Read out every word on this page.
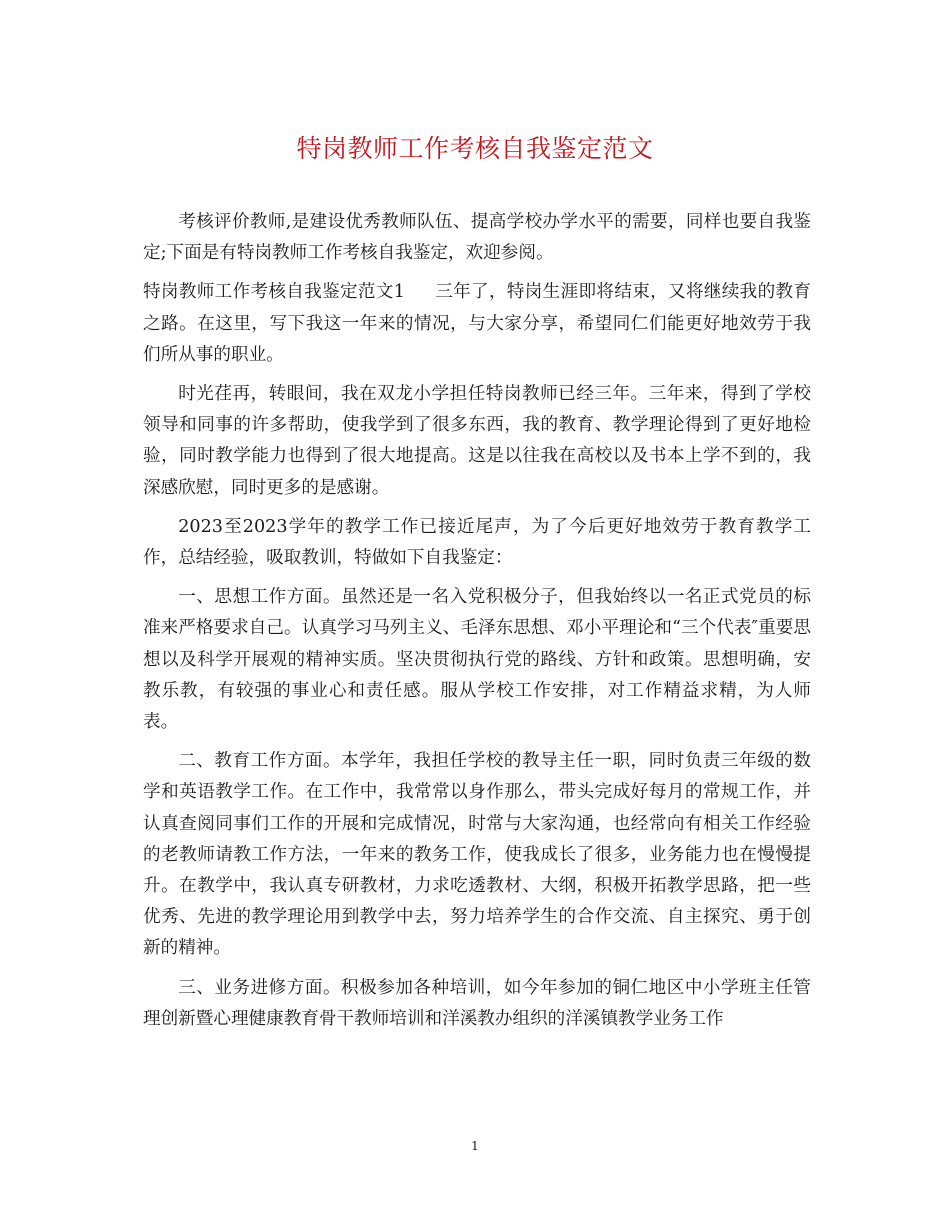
特岗教师工作考核自我鉴定范文

考核评价教师,是建设优秀教师队伍、提高学校办学水平的需要，同样也要自我鉴定;下面是有特岗教师工作考核自我鉴定，欢迎参阅。

特岗教师工作考核自我鉴定范文1 三年了，特岗生涯即将结束，又将继续我的教育之路。在这里，写下我这一年来的情况，与大家分享，希望同仁们能更好地效劳于我们所从事的职业。

时光荏再，转眼间，我在双龙小学担任特岗教师已经三年。三年来，得到了学校领导和同事的许多帮助，使我学到了很多东西，我的教育、教学理论得到了更好地检验，同时教学能力也得到了很大地提高。这是以往我在高校以及书本上学不到的，我深感欣慰，同时更多的是感谢。

2023至2023学年的教学工作已接近尾声，为了今后更好地效劳于教育教学工作，总结经验，吸取教训，特做如下自我鉴定：

一、思想工作方面。虽然还是一名入党积极分子，但我始终以一名正式党员的标准来严格要求自己。认真学习马列主义、毛泽东思想、邓小平理论和“三个代表″重要思想以及科学开展观的精神实质。坚决贯彻执行党的路线、方针和政策。思想明确，安教乐教，有较强的事业心和责任感。服从学校工作安排，对工作精益求精，为人师表。

二、教育工作方面。本学年，我担任学校的教导主任一职，同时负责三年级的数学和英语教学工作。在工作中，我常常以身作那么，带头完成好每月的常规工作，并认真查阅同事们工作的开展和完成情况，时常与大家沟通，也经常向有相关工作经验的老教师请教工作方法，一年来的教务工作，使我成长了很多，业务能力也在慢慢提升。在教学中，我认真专研教材，力求吃透教材、大纲，积极开拓教学思路，把一些优秀、先进的教学理论用到教学中去，努力培养学生的合作交流、自主探究、勇于创新的精神。

三、业务进修方面。积极参加各种培训，如今年参加的铜仁地区中小学班主任管理创新暨心理健康教育骨干教师培训和洋溪教办组织的洋溪镇教学业务工作

1
